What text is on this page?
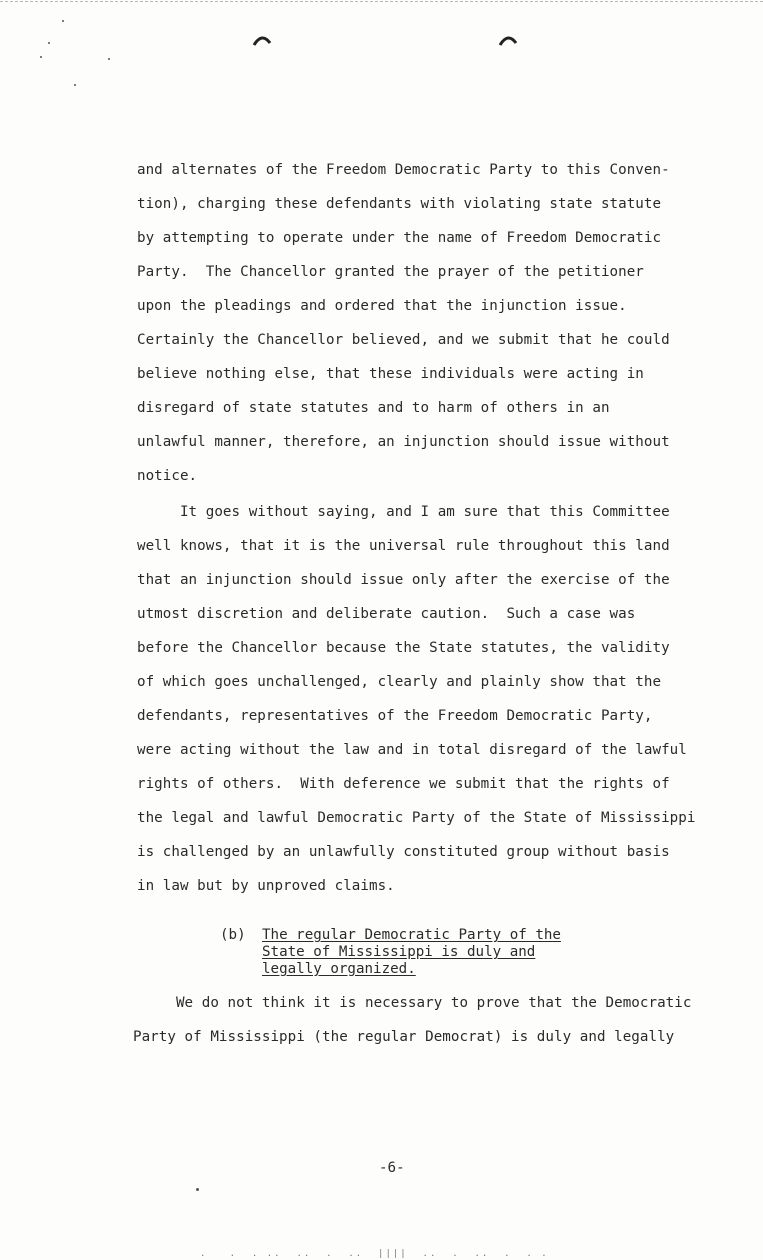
and alternates of the Freedom Democratic Party to this Conven-
tion), charging these defendants with violating state statute
by attempting to operate under the name of Freedom Democratic
Party.  The Chancellor granted the prayer of the petitioner
upon the pleadings and ordered that the injunction issue.
Certainly the Chancellor believed, and we submit that he could
believe nothing else, that these individuals were acting in
disregard of state statutes and to harm of others in an
unlawful manner, therefore, an injunction should issue without
notice.
It goes without saying, and I am sure that this Committee
well knows, that it is the universal rule throughout this land
that an injunction should issue only after the exercise of the
utmost discretion and deliberate caution.  Such a case was
before the Chancellor because the State statutes, the validity
of which goes unchallenged, clearly and plainly show that the
defendants, representatives of the Freedom Democratic Party,
were acting without the law and in total disregard of the lawful
rights of others.  With deference we submit that the rights of
the legal and lawful Democratic Party of the State of Mississippi
is challenged by an unlawfully constituted group without basis
in law but by unproved claims.
(b) The regular Democratic Party of the
State of Mississippi is duly and
legally organized.
We do not think it is necessary to prove that the Democratic
Party of Mississippi (the regular Democrat) is duly and legally
-6-
.   .  . ..  ..  .  ..  ||||  ..  .  ..  .  . .
